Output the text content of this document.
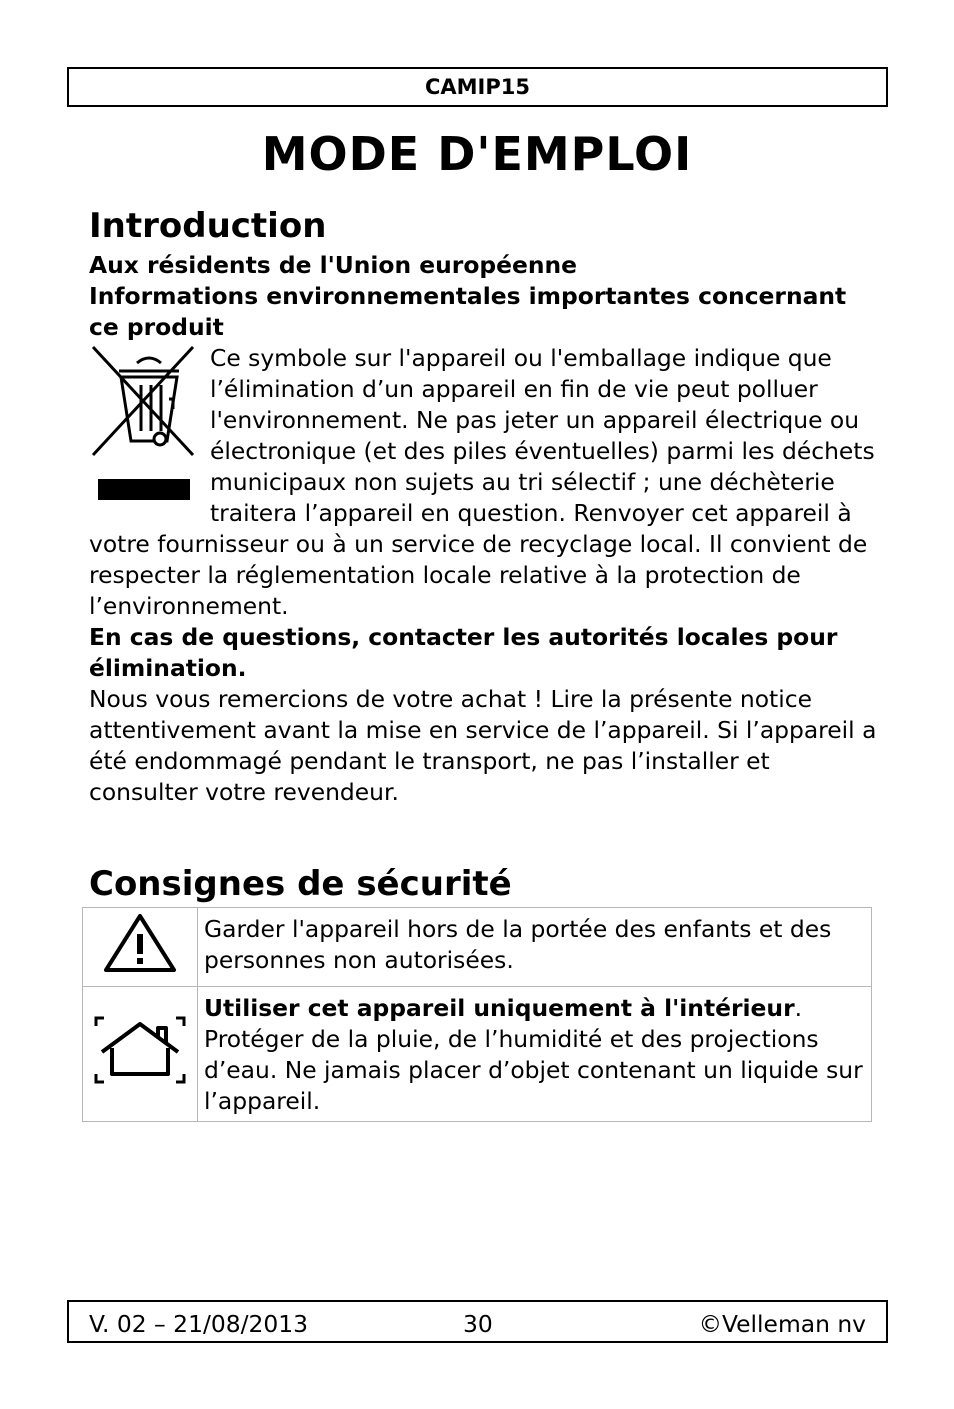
CAMIP15
MODE D'EMPLOI
Introduction

Aux résidents de l'Union européenne

Informations environnementales importantes concernant ce produit

Ce symbole sur l'appareil ou l'emballage indique que l’élimination d’un appareil en fin de vie peut polluer l'environnement. Ne pas jeter un appareil électrique ou électronique (et des piles éventuelles) parmi les déchets municipaux non sujets au tri sélectif ; une déchèterie traitera l’appareil en question. Renvoyer cet appareil à votre fournisseur ou à un service de recyclage local. Il convient de respecter la réglementation locale relative à la protection de l’environnement.

En cas de questions, contacter les autorités locales pour élimination.

Nous vous remercions de votre achat ! Lire la présente notice attentivement avant la mise en service de l’appareil. Si l’appareil a été endommagé pendant le transport, ne pas l’installer et consulter votre revendeur.

Consignes de sécurité
	Garder l'appareil hors de la portée des enfants et des personnes non autorisées.
	Utiliser cet appareil uniquement à l'intérieur. Protéger de la pluie, de l’humidité et des projections d’eau. Ne jamais placer d’objet contenant un liquide sur l’appareil.
V. 02 – 21/08/2013	30	©Velleman nv
